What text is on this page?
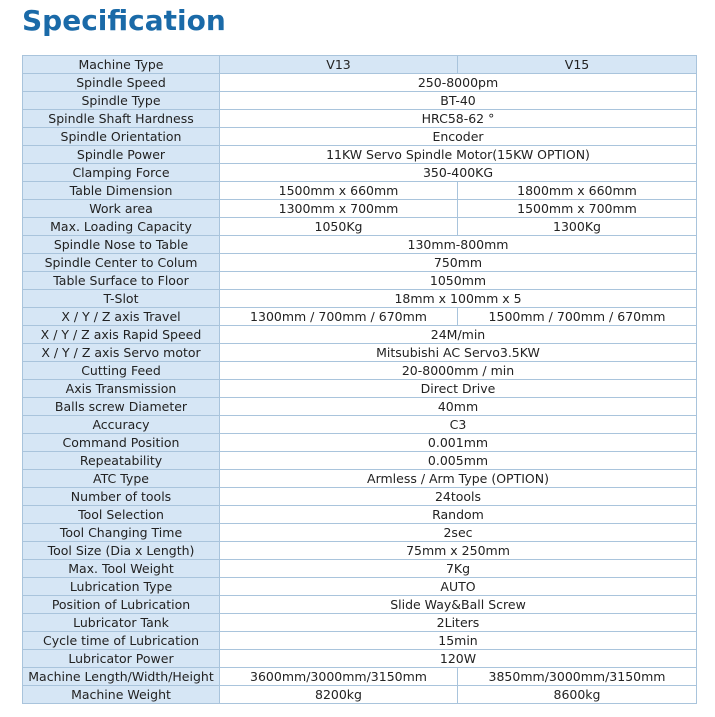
Specification
Machine Type	V13	V15
Spindle Speed	250-8000pm	
Spindle Type	BT-40	
Spindle Shaft Hardness	HRC58-62 °	
Spindle Orientation	Encoder	
Spindle Power	11KW Servo Spindle Motor(15KW OPTION)	
Clamping Force	350-400KG	
Table Dimension	1500mm x 660mm	1800mm x 660mm
Work area	1300mm x 700mm	1500mm x 700mm
Max. Loading Capacity	1050Kg	1300Kg
Spindle Nose to Table	130mm-800mm	
Spindle Center to Colum	750mm	
Table Surface to Floor	1050mm	
T-Slot	18mm x 100mm x 5	
X / Y / Z axis Travel	1300mm / 700mm / 670mm	1500mm / 700mm / 670mm
X / Y / Z axis Rapid Speed	24M/min	
X / Y / Z axis Servo motor	Mitsubishi AC Servo3.5KW	
Cutting Feed	20-8000mm / min	
Axis Transmission	Direct Drive	
Balls screw Diameter	40mm	
Accuracy	C3	
Command Position	0.001mm	
Repeatability	0.005mm	
ATC Type	Armless / Arm Type (OPTION)	
Number of tools	24tools	
Tool Selection	Random	
Tool Changing Time	2sec	
Tool Size (Dia x Length)	75mm x 250mm	
Max. Tool Weight	7Kg	
Lubrication Type	AUTO	
Position of Lubrication	Slide Way&Ball Screw	
Lubricator Tank	2Liters	
Cycle time of Lubrication	15min	
Lubricator Power	120W	
Machine Length/Width/Height	3600mm/3000mm/3150mm	3850mm/3000mm/3150mm
Machine Weight	8200kg	8600kg
